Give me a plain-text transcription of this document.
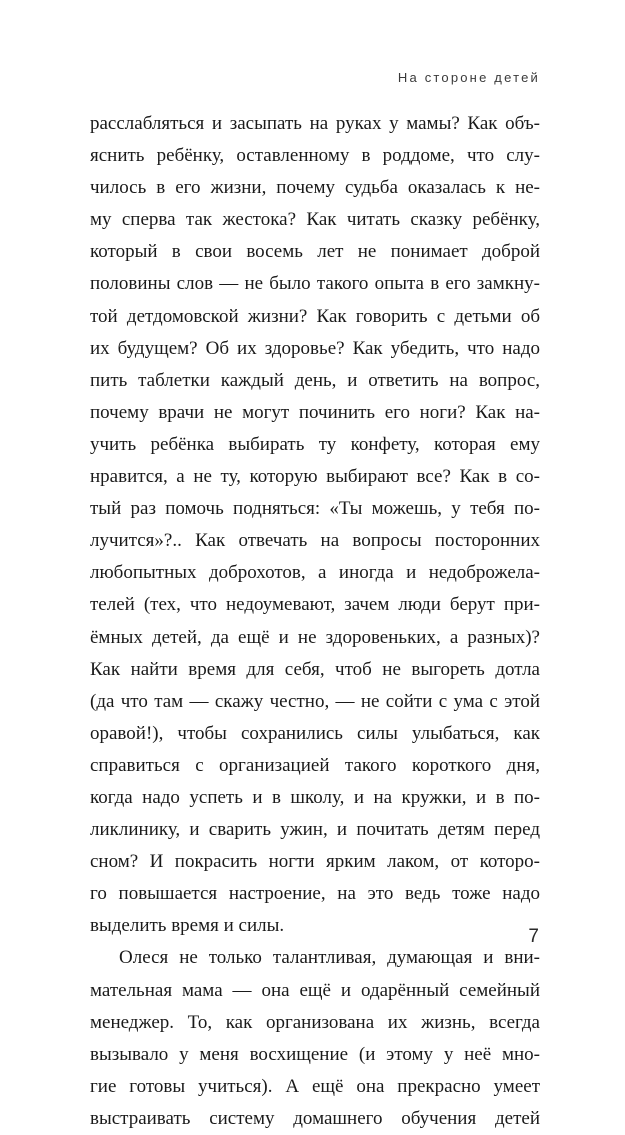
На стороне детей
расслабляться и засыпать на руках у мамы? Как объ-
яснить ребёнку, оставленному в роддоме, что слу-
чилось в его жизни, почему судьба оказалась к не-
му сперва так жестока? Как читать сказку ребёнку,
который в свои восемь лет не понимает доброй
половины слов — не было такого опыта в его замкну-
той детдомовской жизни? Как говорить с детьми об
их будущем? Об их здоровье? Как убедить, что надо
пить таблетки каждый день, и ответить на вопрос,
почему врачи не могут починить его ноги? Как на-
учить ребёнка выбирать ту конфету, которая ему
нравится, а не ту, которую выбирают все? Как в со-
тый раз помочь подняться: «Ты можешь, у тебя по-
лучится»?.. Как отвечать на вопросы посторонних
любопытных доброхотов, а иногда и недоброжела-
телей (тех, что недоумевают, зачем люди берут при-
ёмных детей, да ещё и не здоровеньких, а разных)?
Как найти время для себя, чтоб не выгореть дотла
(да что там — скажу честно, — не сойти с ума с этой
оравой!), чтобы сохранились силы улыбаться, как
справиться с организацией такого короткого дня,
когда надо успеть и в школу, и на кружки, и в по-
ликлинику, и сварить ужин, и почитать детям перед
сном? И покрасить ногти ярким лаком, от которо-
го повышается настроение, на это ведь тоже надо
выделить время и силы.
Олеся не только талантливая, думающая и вни-
мательная мама — она ещё и одарённый семейный
менеджер. То, как организована их жизнь, всегда
вызывало у меня восхищение (и этому у неё мно-
гие готовы учиться). А ещё она прекрасно умеет
выстраивать систему домашнего обучения детей
7
